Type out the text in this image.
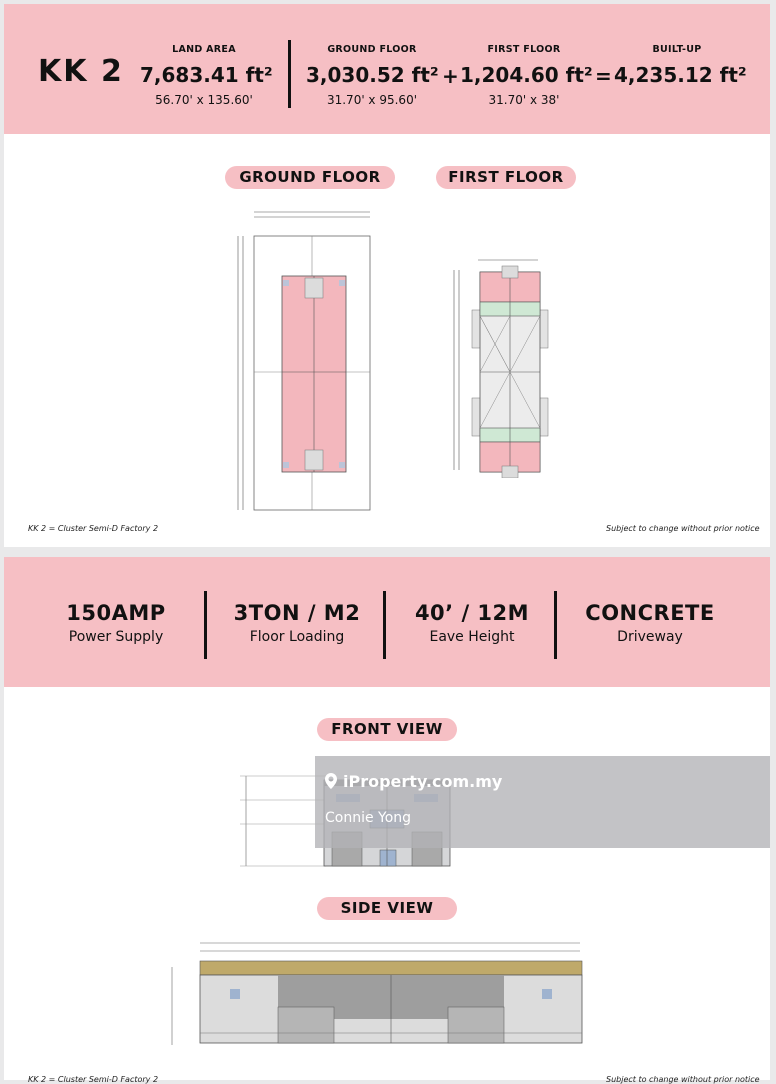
KK 2
LAND AREA
7,683.41 ft²
56.70' x 135.60'
GROUND FLOOR
3,030.52 ft²
31.70' x 95.60'
+
FIRST FLOOR
1,204.60 ft²
31.70' x 38'
=
BUILT-UP
4,235.12 ft²
GROUND FLOOR	FIRST FLOOR
KK 2 = Cluster Semi-D Factory 2	Subject to change without prior notice
150AMP
Power Supply
3TON / M2
Floor Loading
40’ / 12M
Eave Height
CONCRETE
Driveway
FRONT VIEW
SIDE VIEW
KK 2 = Cluster Semi-D Factory 2	Subject to change without prior notice
iProperty.com.my
Connie Yong
